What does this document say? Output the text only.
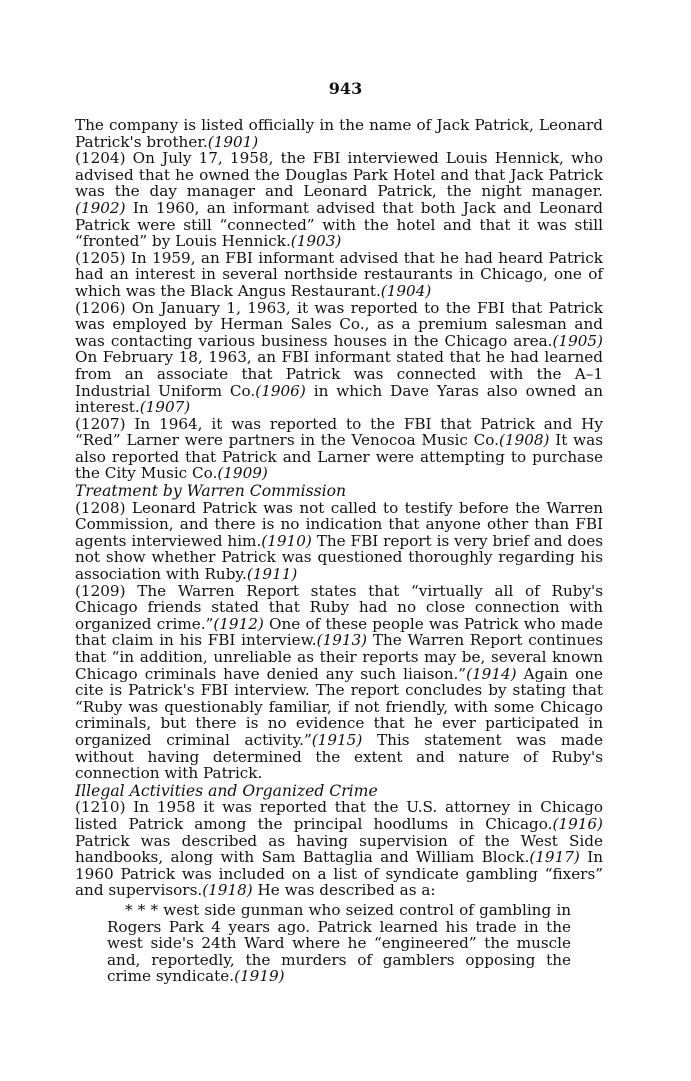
943

The company is listed officially in the name of Jack Patrick, Leonard Patrick's brother.(1901)

(1204) On July 17, 1958, the FBI interviewed Louis Hennick, who advised that he owned the Douglas Park Hotel and that Jack Patrick was the day manager and Leonard Patrick, the night manager.(1902) In 1960, an informant advised that both Jack and Leonard Patrick were still “connected” with the hotel and that it was still “fronted” by Louis Hennick.(1903)

(1205) In 1959, an FBI informant advised that he had heard Patrick had an interest in several northside restaurants in Chicago, one of which was the Black Angus Restaurant.(1904)

(1206) On January 1, 1963, it was reported to the FBI that Patrick was employed by Herman Sales Co., as a premium salesman and was contacting various business houses in the Chicago area.(1905) On February 18, 1963, an FBI informant stated that he had learned from an associate that Patrick was connected with the A–1 Industrial Uniform Co.(1906) in which Dave Yaras also owned an interest.(1907)

(1207) In 1964, it was reported to the FBI that Patrick and Hy “Red” Larner were partners in the Venocoa Music Co.(1908) It was also reported that Patrick and Larner were attempting to purchase the City Music Co.(1909)

Treatment by Warren Commission

(1208) Leonard Patrick was not called to testify before the Warren Commission, and there is no indication that anyone other than FBI agents interviewed him.(1910) The FBI report is very brief and does not show whether Patrick was questioned thoroughly regarding his association with Ruby.(1911)

(1209) The Warren Report states that “virtually all of Ruby's Chicago friends stated that Ruby had no close connection with organized crime.”(1912) One of these people was Patrick who made that claim in his FBI interview.(1913) The Warren Report continues that “in addition, unreliable as their reports may be, several known Chicago criminals have denied any such liaison.”(1914) Again one cite is Patrick's FBI interview. The report concludes by stating that “Ruby was questionably familiar, if not friendly, with some Chicago criminals, but there is no evidence that he ever participated in organized criminal activity.”(1915) This statement was made without having determined the extent and nature of Ruby's connection with Patrick.

Illegal Activities and Organized Crime

(1210) In 1958 it was reported that the U.S. attorney in Chicago listed Patrick among the principal hoodlums in Chicago.(1916) Patrick was described as having supervision of the West Side handbooks, along with Sam Battaglia and William Block.(1917) In 1960 Patrick was included on a list of syndicate gambling “fixers” and supervisors.(1918) He was described as a:

* * * west side gunman who seized control of gambling in Rogers Park 4 years ago. Patrick learned his trade in the west side's 24th Ward where he “engineered” the muscle and, reportedly, the murders of gamblers opposing the crime syndicate.(1919)
